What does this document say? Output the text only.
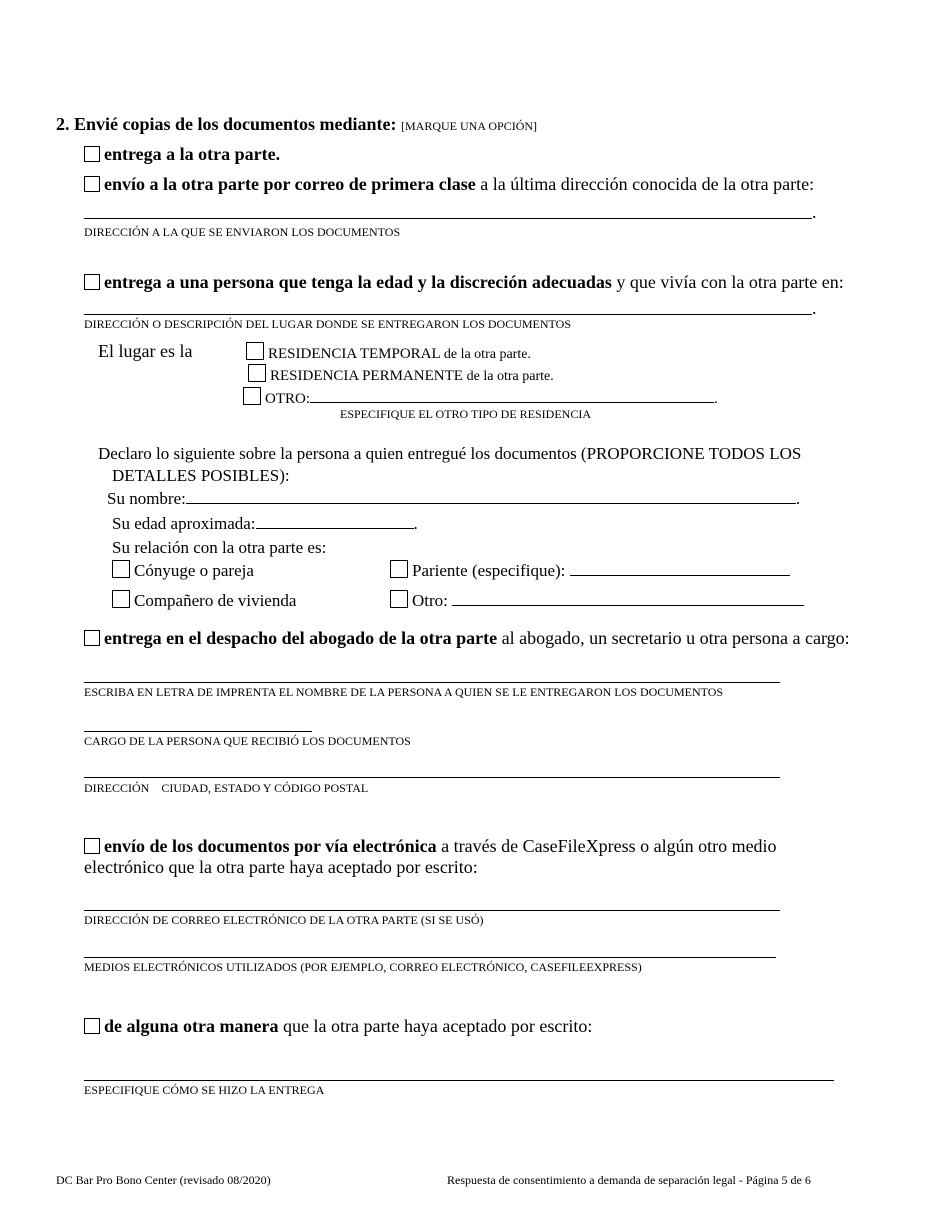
2. Envié copias de los documentos mediante: [MARQUE UNA OPCIÓN]
entrega a la otra parte.
envío a la otra parte por correo de primera clase a la última dirección conocida de la otra parte:
.
DIRECCIÓN A LA QUE SE ENVIARON LOS DOCUMENTOS
entrega a una persona que tenga la edad y la discreción adecuadas y que vivía con la otra parte en:
.
DIRECCIÓN O DESCRIPCIÓN DEL LUGAR DONDE SE ENTREGARON LOS DOCUMENTOS
El lugar es la	RESIDENCIA TEMPORAL de la otra parte.
RESIDENCIA PERMANENTE de la otra parte.
OTRO:	.
ESPECIFIQUE EL OTRO TIPO DE RESIDENCIA
Declaro lo siguiente sobre la persona a quien entregué los documentos (PROPORCIONE TODOS LOS
DETALLES POSIBLES):
Su nombre:	.
Su edad aproximada:	.
Su relación con la otra parte es:
Cónyuge o pareja	Pariente (especifique):
Compañero de vivienda	Otro:
entrega en el despacho del abogado de la otra parte al abogado, un secretario u otra persona a cargo:
ESCRIBA EN LETRA DE IMPRENTA EL NOMBRE DE LA PERSONA A QUIEN SE LE ENTREGARON LOS DOCUMENTOS
CARGO DE LA PERSONA QUE RECIBIÓ LOS DOCUMENTOS
DIRECCIÓN    CIUDAD, ESTADO Y CÓDIGO POSTAL
envío de los documentos por vía electrónica a través de CaseFileXpress o algún otro medio
electrónico que la otra parte haya aceptado por escrito:
DIRECCIÓN DE CORREO ELECTRÓNICO DE LA OTRA PARTE (SI SE USÓ)
MEDIOS ELECTRÓNICOS UTILIZADOS (POR EJEMPLO, CORREO ELECTRÓNICO, CASEFILEEXPRESS)
de alguna otra manera que la otra parte haya aceptado por escrito:
ESPECIFIQUE CÓMO SE HIZO LA ENTREGA
DC Bar Pro Bono Center (revisado 08/2020)	Respuesta de consentimiento a demanda de separación legal - Página 5 de 6
